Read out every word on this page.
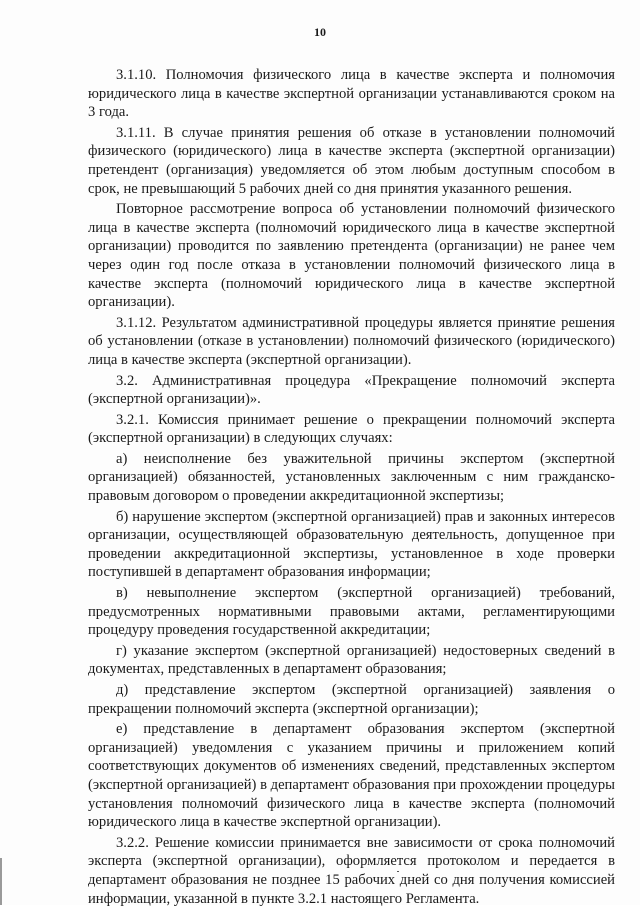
10

3.1.10. Полномочия физического лица в качестве эксперта и полномочия юридического лица в качестве экспертной организации устанавливаются сроком на 3 года.

3.1.11. В случае принятия решения об отказе в установлении полномочий физического (юридического) лица в качестве эксперта (экспертной организации) претендент (организация) уведомляется об этом любым доступным способом в срок, не превышающий 5 рабочих дней со дня принятия указанного решения.

Повторное рассмотрение вопроса об установлении полномочий физического лица в качестве эксперта (полномочий юридического лица в качестве экспертной организации) проводится по заявлению претендента (организации) не ранее чем через один год после отказа в установлении полномочий физического лица в качестве эксперта (полномочий юридического лица в качестве экспертной организации).

3.1.12. Результатом административной процедуры является принятие решения об установлении (отказе в установлении) полномочий физического (юридического) лица в качестве эксперта (экспертной организации).

3.2. Административная процедура «Прекращение полномочий эксперта (экспертной организации)».

3.2.1. Комиссия принимает решение о прекращении полномочий эксперта (экспертной организации) в следующих случаях:

а) неисполнение без уважительной причины экспертом (экспертной организацией) обязанностей, установленных заключенным с ним гражданско-правовым договором о проведении аккредитационной экспертизы;

б) нарушение экспертом (экспертной организацией) прав и законных интересов организации, осуществляющей образовательную деятельность, допущенное при проведении аккредитационной экспертизы, установленное в ходе проверки поступившей в департамент образования информации;

в) невыполнение экспертом (экспертной организацией) требований, предусмотренных нормативными правовыми актами, регламентирующими процедуру проведения государственной аккредитации;

г) указание экспертом (экспертной организацией) недостоверных сведений в документах, представленных в департамент образования;

д) представление экспертом (экспертной организацией) заявления о прекращении полномочий эксперта (экспертной организации);

е) представление в департамент образования экспертом (экспертной организацией) уведомления с указанием причины и приложением копий соответствующих документов об изменениях сведений, представленных экспертом (экспертной организацией) в департамент образования при прохождении процедуры установления полномочий физического лица в качестве эксперта (полномочий юридического лица в качестве экспертной организации).

3.2.2. Решение комиссии принимается вне зависимости от срока полномочий эксперта (экспертной организации), оформляется протоколом и передается в департамент образования не позднее 15 рабочих дней со дня получения комиссией информации, указанной в пункте 3.2.1 настоящего Регламента.
